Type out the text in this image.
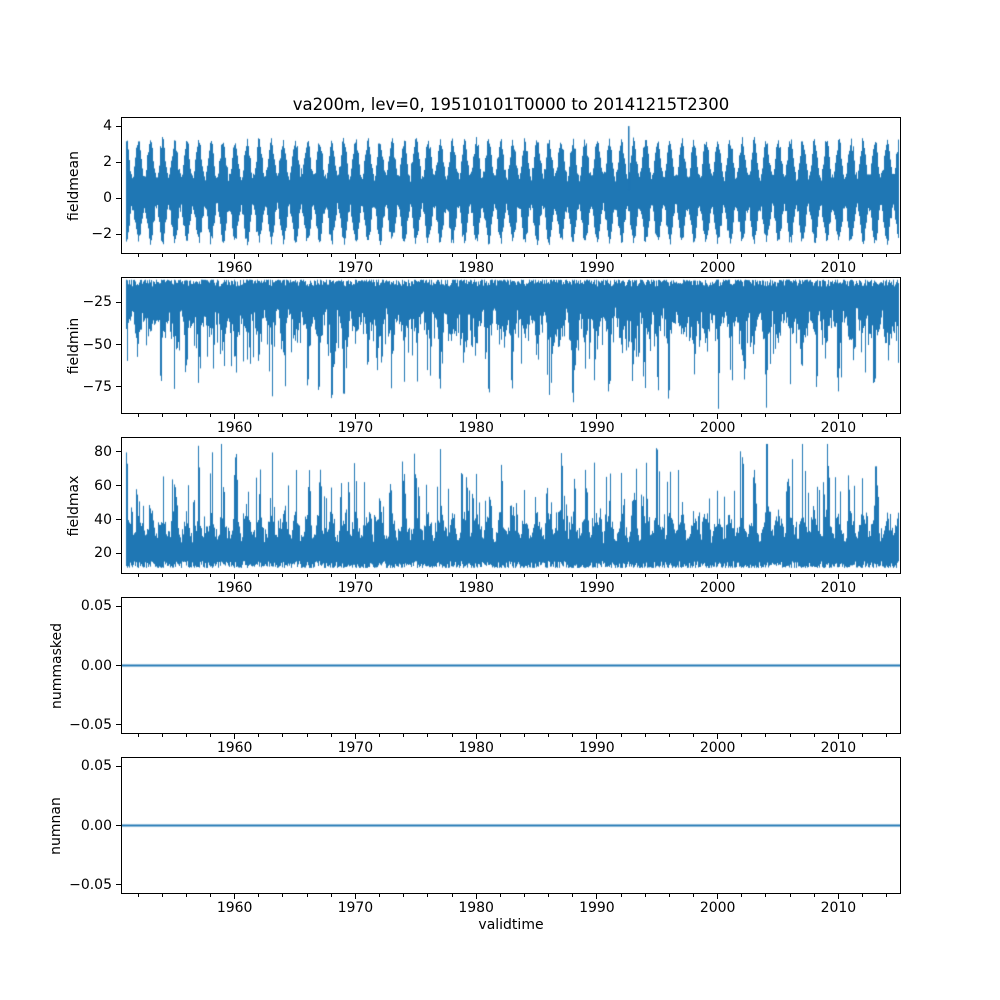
va200m, lev=0, 19510101T0000 to 20141215T2300
fieldmean
fieldmin
fieldmax
nummasked
numnan
validtime
4
2
0
−2
1960	1970	1980	1990	2000	2010
−25
−50
−75
1960	1970	1980	1990	2000	2010
80
60
40
20
1960	1970	1980	1990	2000	2010
0.05
0.00
−0.05
1960	1970	1980	1990	2000	2010
0.05
0.00
−0.05
1960	1970	1980	1990	2000	2010
